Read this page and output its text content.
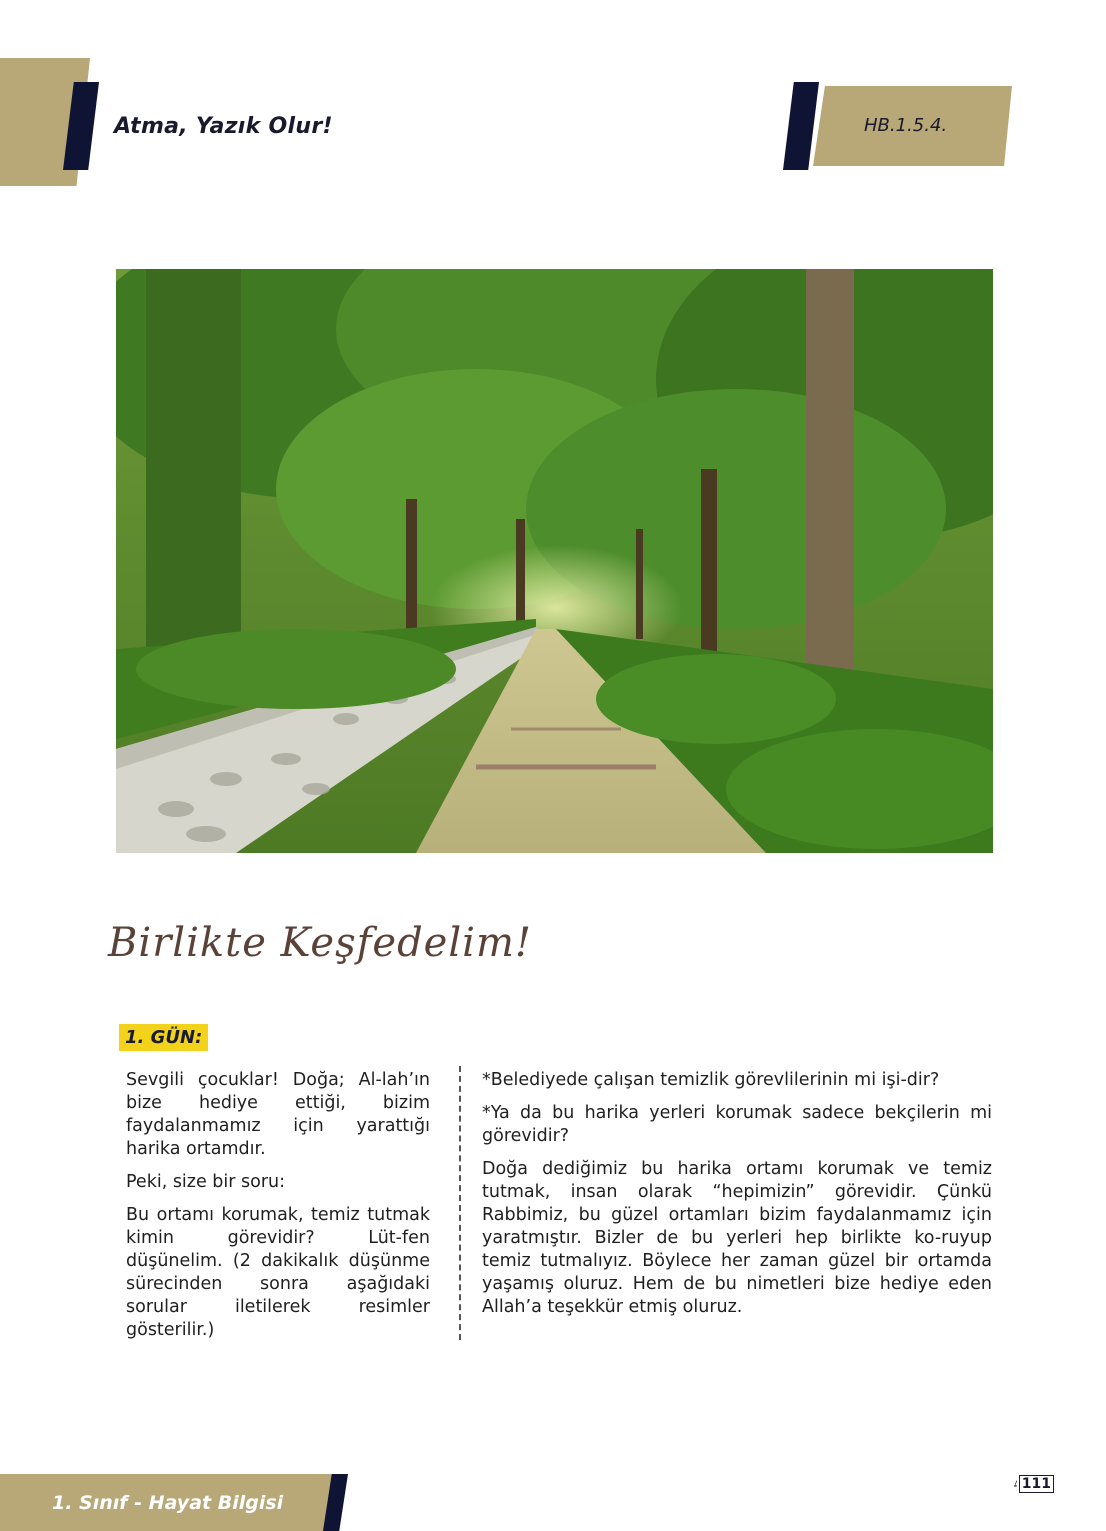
Atma, Yazık Olur!	HB.1.5.4.
Birlikte Keşfedelim!
1. GÜN:

Sevgili çocuklar! Doğa; Al-lah’ın bize hediye ettiği, bizim faydalanmamız için yarattığı harika ortamdır.

Peki, size bir soru:

Bu ortamı korumak, temiz tutmak kimin görevidir? Lüt-fen düşünelim. (2 dakikalık düşünme sürecinden sonra aşağıdaki sorular iletilerek resimler gösterilir.)

*Belediyede çalışan temizlik görevlilerinin mi işi-dir?

*Ya da bu harika yerleri korumak sadece bekçilerin mi görevidir?

Doğa dediğimiz bu harika ortamı korumak ve temiz tutmak, insan olarak “hepimizin” görevidir. Çünkü Rabbimiz, bu güzel ortamları bizim faydalanmamız için yaratmıştır. Bizler de bu yerleri hep birlikte ko-ruyup temiz tutmalıyız. Böylece her zaman güzel bir ortamda yaşamış oluruz. Hem de bu nimetleri bize hediye eden Allah’a teşekkür etmiş oluruz.

1. Sınıf - Hayat Bilgisi
111
